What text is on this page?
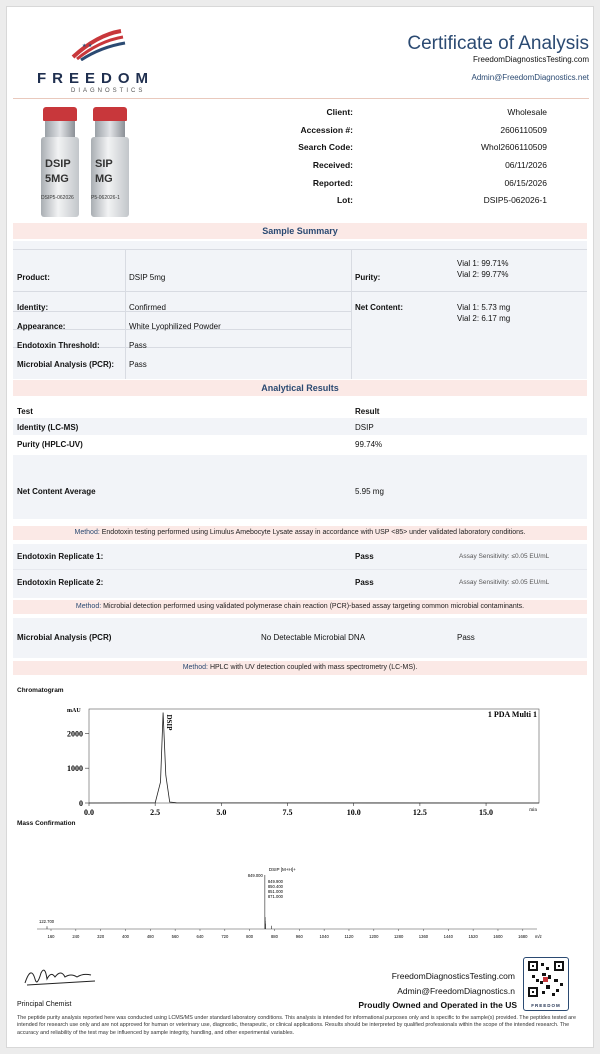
★ ★
FREEDOM
DIAGNOSTICS
Certificate of Analysis
FreedomDiagnosticsTesting.com
Admin@FreedomDiagnostics.net
DSIP
5MG
DSIP5-062026
SIP
MG
P5-062026-1
Client:	Wholesale
Accession #:	2606110509
Search Code:	Whol2606110509
Received:	06/11/2026
Reported:	06/15/2026
Lot:	DSIP5-062026-1
Sample Summary
Product:	DSIP 5mg	Purity:
Vial 1: 99.71%
Vial 2: 99.77%
Identity:	Confirmed	Net Content:	Vial 1: 5.73 mg
Vial 2: 6.17 mg
Appearance:	White Lyophilized Powder
Endotoxin Threshold:	Pass
Microbial Analysis (PCR): Pass
Analytical Results
Test	Result
Identity (LC-MS)	DSIP
Purity (HPLC-UV)	99.74%
Net Content Average	5.95 mg
Method: Endotoxin testing performed using Limulus Amebocyte Lysate assay in accordance with USP <85> under validated laboratory conditions.
Endotoxin Replicate 1:	Pass	Assay Sensitivity: ≤0.05 EU/mL
Endotoxin Replicate 2:	Pass	Assay Sensitivity: ≤0.05 EU/mL
Method: Microbial detection performed using validated polymerase chain reaction (PCR)-based assay targeting common microbial contaminants.
Microbial Analysis (PCR)	No Detectable Microbial DNA	Pass
Method: HPLC with UV detection coupled with mass spectrometry (LC-MS).
Chromatogram
mAU	1 PDA Multi 1
0
1000
2000
0.0	2.5	5.0	7.5	10.0	12.5	15.0	min
DSIP
Mass Confirmation
160	240	320	400	480	560	640	720	800	880	960	1040	1120	1200	1280	1360	1440	1520	1600	1680 m/z
DSIP [M+H]+
849.000
849.900
850.400
851.000
871.000
122.700
Principal Chemist
FreedomDiagnosticsTesting.com
Admin@FreedomDiagnostics.n
Proudly Owned and Operated in the US	FREEDOM
The peptide purity analysis reported here was conducted using LCMS/MS under standard laboratory conditions. This analysis is intended for informational purposes only and is specific to the sample(s) provided. The peptides tested are intended for research use only and are not approved for human or veterinary use, diagnostic, therapeutic, or clinical applications. Results should be interpreted by qualified professionals within the scope of the intended research. The accuracy and reliability of the test may be influenced by sample integrity, handling, and other experimental variables.
